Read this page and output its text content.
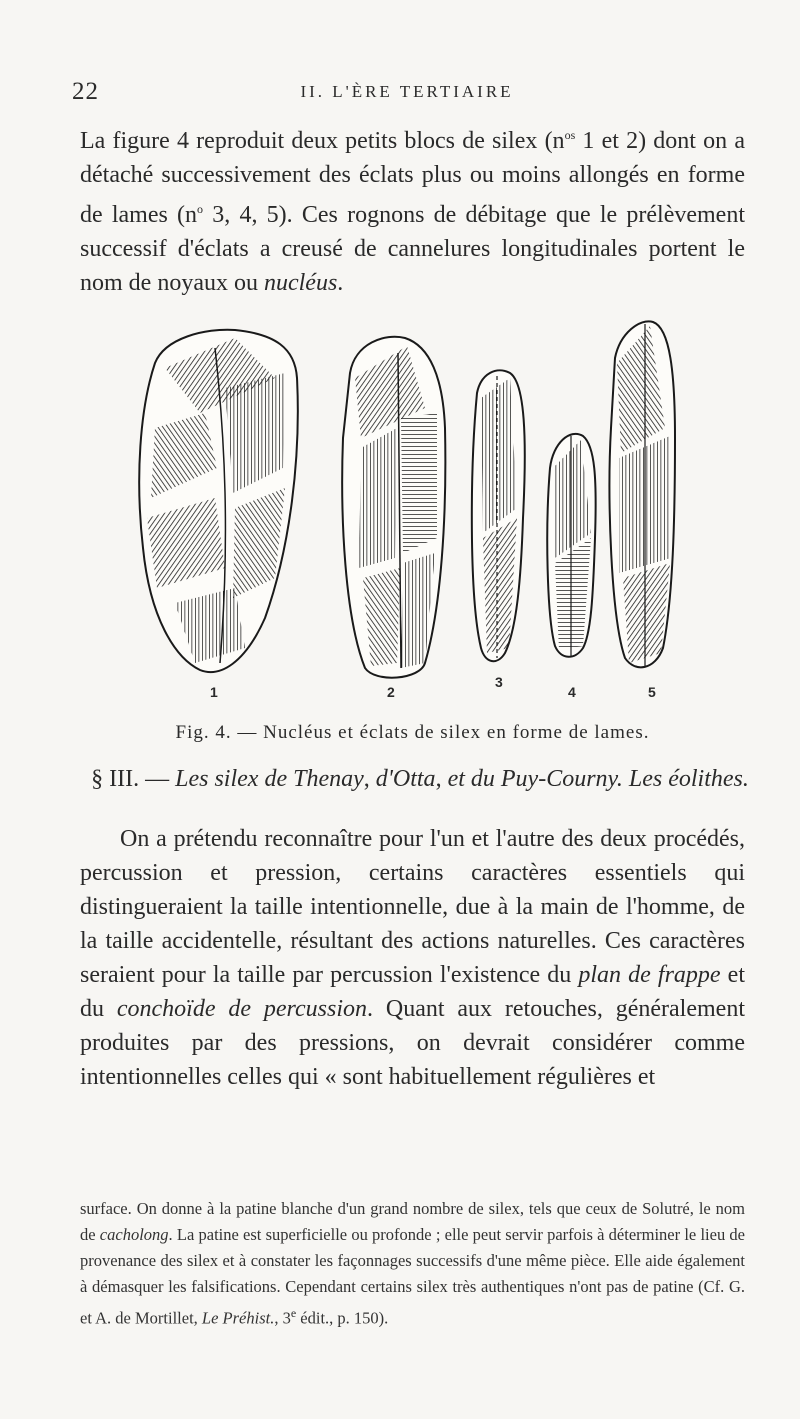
22	II. L'ÈRE TERTIAIRE

La figure 4 reproduit deux petits blocs de silex ($n^{os}$ 1 et 2) dont on a détaché successivement des éclats plus ou moins allongés en forme de lames ($n^o$ 3, 4, 5). Ces rognons de débitage que le prélèvement successif d'éclats a creusé de cannelures longitudinales portent le nom de noyaux ou nucléus.

1	2
3
4	5
Fig. 4. — Nucléus et éclats de silex en forme de lames.
§ III. — Les silex de Thenay, d'Otta, et du Puy-Courny. Les éolithes.

On a prétendu reconnaître pour l'un et l'autre des deux procédés, percussion et pression, certains caractères essentiels qui distingueraient la taille intentionnelle, due à la main de l'homme, de la taille accidentelle, résultant des actions naturelles. Ces caractères seraient pour la taille par percussion l'existence du plan de frappe et du conchoïde de percussion. Quant aux retouches, généralement produites par des pressions, on devrait considérer comme intentionnelles celles qui « sont habituellement régulières et

surface. On donne à la patine blanche d'un grand nombre de silex, tels que ceux de Solutré, le nom de cacholong. La patine est superficielle ou profonde ; elle peut servir parfois à déterminer le lieu de provenance des silex et à constater les façonnages successifs d'une même pièce. Elle aide également à démasquer les falsifications. Cependant certains silex très authentiques n'ont pas de patine (Cf. G. et A. de Mortillet, Le Préhist., 3e édit., p. 150).
